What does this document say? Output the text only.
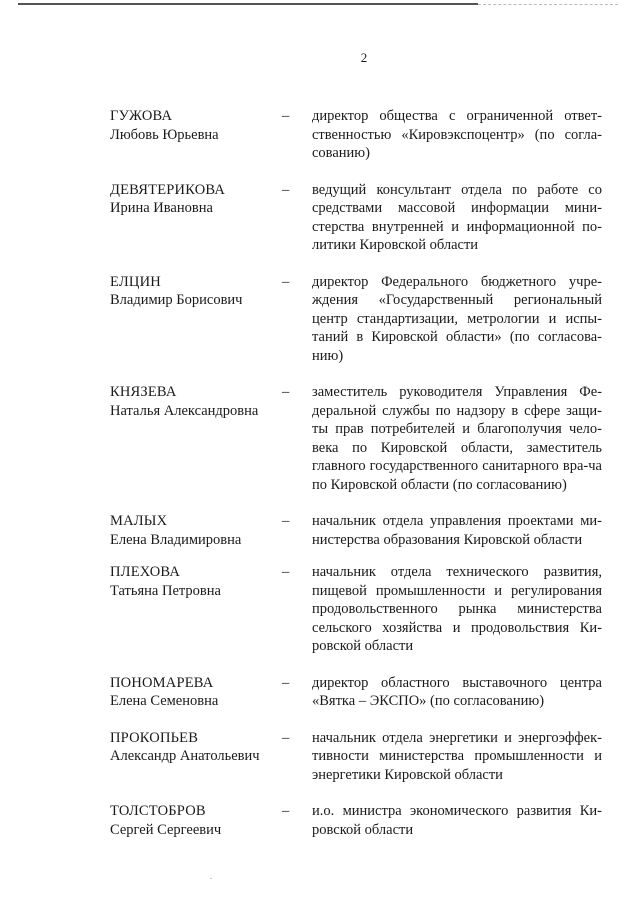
2
ГУЖОВА
Любовь Юрьевна
–	директор общества с ограниченной ответ-ственностью «Кировэкспоцентр» (по согла-сованию)
ДЕВЯТЕРИКОВА
Ирина Ивановна
–	ведущий консультант отдела по работе со средствами массовой информации мини-стерства внутренней и информационной по-литики Кировской области
ЕЛЦИН
Владимир Борисович
–	директор Федерального бюджетного учре-ждения «Государственный региональный центр стандартизации, метрологии и испы-таний в Кировской области» (по согласова-нию)
КНЯЗЕВА
Наталья Александровна
–	заместитель руководителя Управления Фе-деральной службы по надзору в сфере защи-ты прав потребителей и благополучия чело-века по Кировской области, заместитель главного государственного санитарного вра-ча по Кировской области (по согласованию)
МАЛЫХ
Елена Владимировна
–	начальник отдела управления проектами ми-нистерства образования Кировской области
ПЛЕХОВА
Татьяна Петровна
–	начальник отдела технического развития, пищевой промышленности и регулирования продовольственного рынка министерства сельского хозяйства и продовольствия Ки-ровской области
ПОНОМАРЕВА
Елена Семеновна
–	директор областного выставочного центра «Вятка – ЭКСПО» (по согласованию)
ПРОКОПЬЕВ
Александр Анатольевич
–	начальник отдела энергетики и энергоэффек-тивности министерства промышленности и энергетики Кировской области
ТОЛСТОБРОВ
Сергей Сергеевич
–	и.о. министра экономического развития Ки-ровской области
